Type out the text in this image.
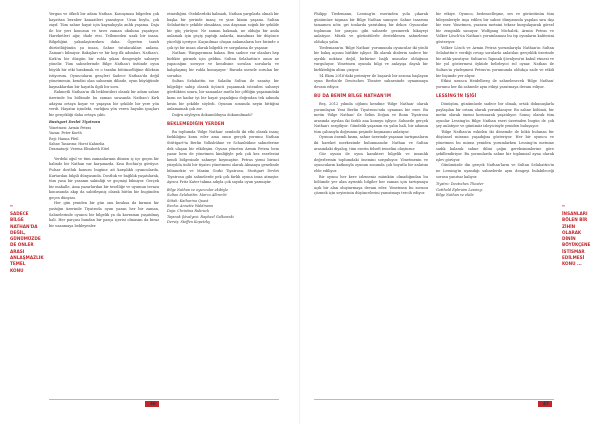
"
SADECE BİLGE NATHAN'DA DEĞİL, GÜNÜMÜZDE DE ONLER ARASI ANLAŞMAZLIK TEMEL KONU

Yergun ve öfkeli bir adam Nathan. Konuşması bilgeden çok hayattan beraber kanaatleri yansıtıyor. Uzun boylu, çok zayıf. Tüm sahne hayat için kaynakçıyla anlık yaşama. Daja ile bir yeri konusun ve tavrı zaman okuluna yaşatıyor. Hareketleri ağır, ifade etsi. Tellemeden uzak bir insan. Bilgeliğini yakınlaştırırıken daha. Ögreten tarafı dürüstlüğünün şu insan, Sahne tutulacakları anlamı. Zaman'ı bilmiyor. Bakışları ve bir hep ilk adımları. Nathan'ı. Kırk'ın bir düzgün bir ruhla yıkan dengesiyle sahneye yönelir. Tüm sahnelerinde Bilge Nathan'ı üstünde oyun büyük bir etki bırakmak ve o tarafın bütünselliğine dileksin istiyorum. Oyuncuların gençleri Sadece Nathan'da değil yönetmenin, kendisi olan sahnenin dilinde, oyun büyüğünde kaynaklardan bir hayatla ilgili bir soru.

Rahmetli Nathan'ın ilk beklentileri olarak bir adam sahne üzerinde bu bölümde bu zaman sırasında Nathan'ı Kırk adayını ortaya koyar ve yaşayan bir şekilde bir yere yön verdi. Hayatın içindeki, varlığını yön veren hayalin ipuçları bir gerçekliği daha ortaya çıktı.

Bustıgart Devlet Tiyatrosu
Yönetmen: Armin Petras
Yazan: Peter Kurth
Reji: Hanna Pfeil
Sahne Tasarımı: Horst Kahnelia
Dramaturji: Verena Elisabeth Eitel

Yerdeki oğul ve tüm zamanlarının dümen iç içe geçen bir halinde bir Nathan var karşımızda. Kısa Bochia'yı görüyor. Pulsar dostluk konusu bugüne ait karşılıklı oyuncularda. Kurtarılan bilgili dünyasında. Dostluk ve bağlılık yaşatılarak, tüm yasa bir yasanın sakinliği ve geçmişi bilmiyor. Gerçek bir mahalle. Ama yazarlardan bir teselliğe ve uyumun tevazu konusunda akıp da sabitleşmiş olarak bütün bir bugünden geçen dünyası.

Her gün yeniden bir gün onu bıraksa da kırmızı bir yastığın üzerinde Tiyatroda oyun yazan her bir zaman, Sahnelerinde oyuncu bir bilgelik ya da kavramın yaşatılmış hali. Her parçası bundan bir parça içerisi olmasını da biraz bir uzanmaya bekleyenler.

etmediğini. Ötekilerdeki kalmadı, Nathan yargılarla olmalı bir başka bir yerinde inanç ve yine kimin yaşamı. Sultan Selahattin'e şekilde olmaktan, ona dayanan soğuk bir şekilde bir güç yürüyor. Ne zaman bakmak, ne olduğu bir anda anlamak için geçiş yaptığı anlarda, inanılmaz bir düşünce yüceliği içeriyor. Kaçınılmaz oluşan anlamaların her birinde o çok iyi bir insan olarak bilgelik ve sorgulama ile yaşanır.

Nathan: 'Bizgayrımıza bakan. Ben sadece var olanları hep birlikte görmek için geldim. Sultan Selahattin'e onun ne yapacağını soruyor ve kendisine sorulan sorularla ve kalıplaşmış bir ruhla konuşuyor.' Burada mesele sorulan bir sorudur.

Sultan Selahattin ise Saladin Sultan ile sanatçı bir bilgeliğe sahip olarak üçüncü yaşanmak istenilen sahneyi gördükten sonra, bir zamanlar mutlu bir çiftliğin yaşamındaki kızın ne kadar iyi bir hayat yaşadığını doğrudan tek adımda kesin bir şekilde söyledi. Oyunun sonunda neyin bittiğini anlamamak çok zor.

Doğru söyleyen dokunulduysa dokunulmadı?

BEKLEMEDİĞİN YERDEN

Bu toplumda 'Bilge Nathan' sembolü iki etki olarak inanç farklılığını konu eder ama onun gerçek yorumu Nathan Stüttgart'ta Berlin Volksbühne ve Schaubühne sahnelerine dek ulaşan bir etkileşim. Oyunu yöneten Armin Petras hem yazar hem de yönetmen kimliğiyle pek çok kez eserlerini kendi bölgesinde sahneye koymuştur. Petras yirmi birinci yüzyılda ünlü bir tiyatro yönetmeni olarak Almanya genelinde bilinmekte ve Maxim Gorki Tiyatrosu, Stuttgart Devlet Tiyatrosu gibi sahnelerde pek çok farklı oyuna imza atmıştır. Ayrıca Fritz Kater takma adıyla çok sayıda oyun yazmıştır.

Bilge Nathan ve oyuncular ekibiyle
Sultan Selahattin: Marco Albrecht
Sittah: Katharina Quast
Recha: Annette Waldmann
Daja: Christina Rubruck
Tapınak Şövalyesi: Raphael Galkowski
Derviş: Steffen Kopetzky
46

Philipp Tiedemann, Lessing'in eserinden yola çıkarak günümüze taşınan bir Bilge Nathan sunuyor. Sahne tasarımı tamamen nötr, gri tonlarda yaratılmış bir dekor. Oyuncular toplumun bir parçası gibi sahnede gezinerek hikayeyi anlatıyor. Müzik ve görüntülerle desteklenen sahneleme oldukça yalın.

Tiedemann'ın 'Bilge Nathan' yorumunda oyuncular iki yönlü bir bakış açısını birlikte işliyor. İlk olarak dinlerin sadece bir ayrılık noktası değil, birbirine bağlı unsurlar olduğunu vurguluyor. Yönetmen oyunda bilgi ve anlayışa dayalı bir birlikteliğin altını çiziyor.

14 Ekim 2016'daki prömiyer ile başarılı bir sezona başlayan oyun Berlin'de Deutsches Theater sahnesinde oynanmaya devam ediyor.

BU DA BENİM BİLGE NATHAN'IM

Beş, 2012 yılında oğlunu kendine 'Bilge Nathan' olarak yorumlayan Yeni Berlin Tiyatrosu'nda oynanan bir eser. Bu metin 'Bilge Nathan' ile Selim Doğan ve Bonn Tiyatrosu arasında ayrılan iki farklı ana konuyu işliyor. Sahnede gerçek Nathan'ı sergiliyor. Gündelik yaşamın en yalın hali, bir adamın tüm çabasıyla doğrunun peşinde koşmasını anlatıyor.

Oyunun önemli kısmı, sahne üzerinde yaşanan tartışmaların iki hareket merkezinde bulunmasıdır. Nathan ve Sultan arasındaki diyalog, tüm eserin felsefi temelini oluşturur.

Göz oyunu ile oyun karakteri bilgelik ve insanlık değerlerinin toplumdaki önemini sorguluyor. Yönetmenin ve oyuncuların katkısıyla oyunun sonunda çok boyutlu bir anlatım elde ediliyor.

Bir oyunu her kere izlemeniz mümkün olmadığından bu bölümde yer alan ayrıntılı bilgiler her zaman için tartışmaya açık bir alan oluşturmaya devam eder. Yönetmen bu sorunu çözmek için seyircinin düşüncelerini yansıtmayı tercih ediyor.

bir etkiye. Oyuncu, bedenselleşme, ses ve görüntünün tüm bileşenleriyle inşa edilen bir sahne dünyasında yapılan sıra dışı bir eser. Yönetmen, yazarın metnini tekrar kurgulayarak görsel bir zenginlik sunuyor. Wolfgang Michalek, Armin Petras ve Volker Lösch'ün Nathan'ı yorumlaması bu tip oyunların kalitesini gösteriyor.

Volker Lösch ve Armin Petras yorumlarıyla Nathan'ın Sultan Selahattin'e verdiği cevap sorularla anlatılan gerçeklik üzerinde bir zıtlık yaratıyor. Sultan'ın Tapınak Şövalyesi'ni kabul etmesi ve bir yol göstermesi öyküde belirleyici rol oynar. Nathan ile Sultan'ın yüzleşmesi Petras'ın yorumunda oldukça sade ve etkili bir biçimde yer alıyor.

Etkisi uzunca Heidelberg ile sahnelenecek 'Bilge Nathan' yorumu her iki sahnede aynı etkiyi yaratmaya devam ediyor.

LESSİNG'İN İŞİĞİ

Dönüşüm, günümüzde sadece bir olmak, ortak dokunuşlarla paylaşılan bir ortam olarak yorumlanıyor. Bu sahne bölümü, bir metin olarak önemi korunarak yaşatılıyor. Sonuç olarak tüm oyunlar Lessing'in Bilge Nathan eseri üzerinden bugün de çok şey anlatıyor ve günümüz izleyicisiyle yeniden buluşuyor.

'Bilge Nathan'ın eskiden iki dönemde de kökü bulunan bir düşünsel mirasın yaşadığını gösteriyor. Her bir oyuncu ve yönetmen bu mirası yeniden yorumlarken Lessing'in metnine sadık kalarak sahne dilini çağın gereksinimlerine göre şekillendiriyor. Bu yorumlarda sahne bir toplumsal ayna olarak işlev görüyor.

Günümüzde din gerçek Nathan'ların ve Sultan Selahattin'in ne Lessing'in uyandığı sahnelerde aynı dengeyi bulabileceği sorusu yanıtsız kalıyor.

Tiyatro: Deutsches Theater
Gotthold Ephraim Lessing:
Bilge Nathan ve ekibi
"
İNSANLARI BÖLEN BİR ZİHİN OLARAK DİNİN BÖYÜKÇENE İSTİSMAR EDİLMESİ KONU ...
47
